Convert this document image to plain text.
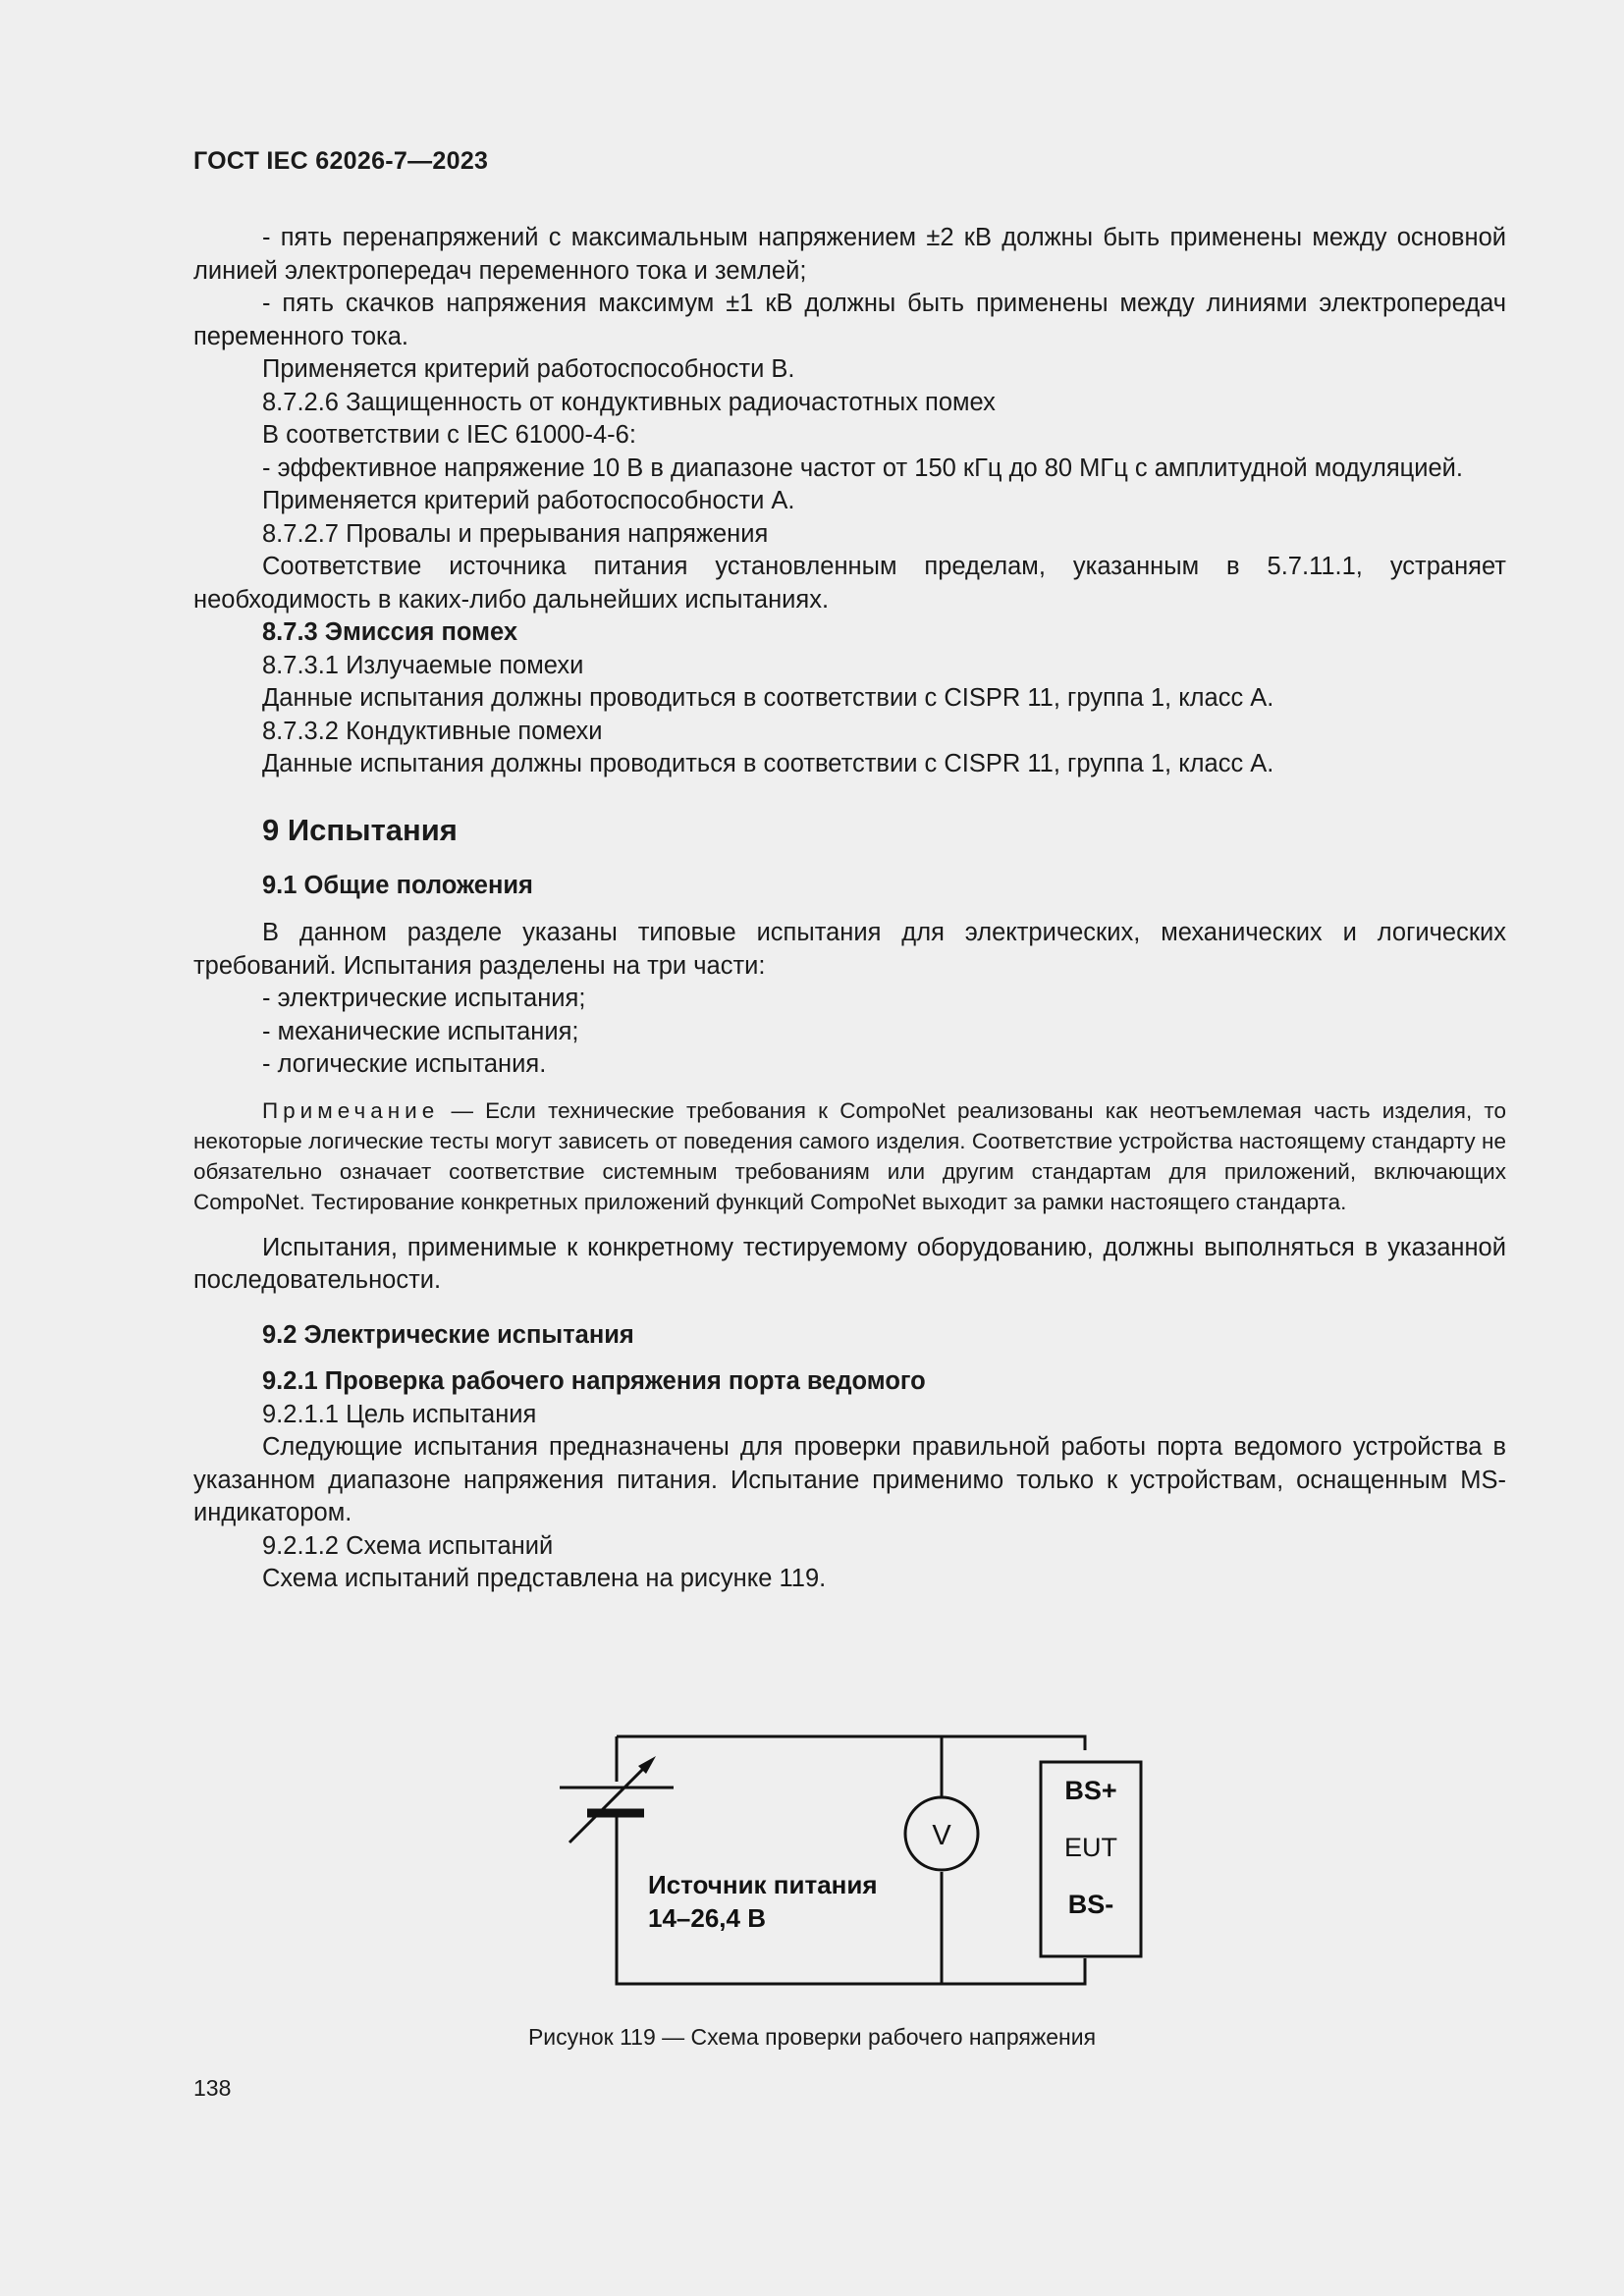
ГОСТ IEC 62026-7—2023

- пять перенапряжений с максимальным напряжением ±2 кВ должны быть применены между основной линией электропередач переменного тока и землей;

- пять скачков напряжения максимум ±1 кВ должны быть применены между линиями электропередач переменного тока.

Применяется критерий работоспособности В.

8.7.2.6 Защищенность от кондуктивных радиочастотных помех

В соответствии с IEC 61000-4-6:

- эффективное напряжение 10 В в диапазоне частот от 150 кГц до 80 МГц с амплитудной модуляцией.

Применяется критерий работоспособности А.

8.7.2.7 Провалы и прерывания напряжения

Соответствие источника питания установленным пределам, указанным в 5.7.11.1, устраняет необходимость в каких-либо дальнейших испытаниях.

8.7.3 Эмиссия помех

8.7.3.1 Излучаемые помехи

Данные испытания должны проводиться в соответствии с CISPR 11, группа 1, класс А.

8.7.3.2 Кондуктивные помехи

Данные испытания должны проводиться в соответствии с CISPR 11, группа 1, класс А.

9 Испытания
9.1 Общие положения

В данном разделе указаны типовые испытания для электрических, механических и логических требований. Испытания разделены на три части:

- электрические испытания;

- механические испытания;

- логические испытания.

Примечание — Если технические требования к CompoNet реализованы как неотъемлемая часть изделия, то некоторые логические тесты могут зависеть от поведения самого изделия. Соответствие устройства настоящему стандарту не обязательно означает соответствие системным требованиям или другим стандартам для приложений, включающих CompoNet. Тестирование конкретных приложений функций CompoNet выходит за рамки настоящего стандарта.

Испытания, применимые к конкретному тестируемому оборудованию, должны выполняться в указанной последовательности.

9.2 Электрические испытания
9.2.1 Проверка рабочего напряжения порта ведомого

9.2.1.1 Цель испытания

Следующие испытания предназначены для проверки правильной работы порта ведомого устройства в указанном диапазоне напряжения питания. Испытание применимо только к устройствам, оснащенным MS-индикатором.

9.2.1.2 Схема испытаний

Схема испытаний представлена на рисунке 119.

V
Источник питания
14–26,4 В
BS+
EUT
BS-
Рисунок 119 — Схема проверки рабочего напряжения
138
